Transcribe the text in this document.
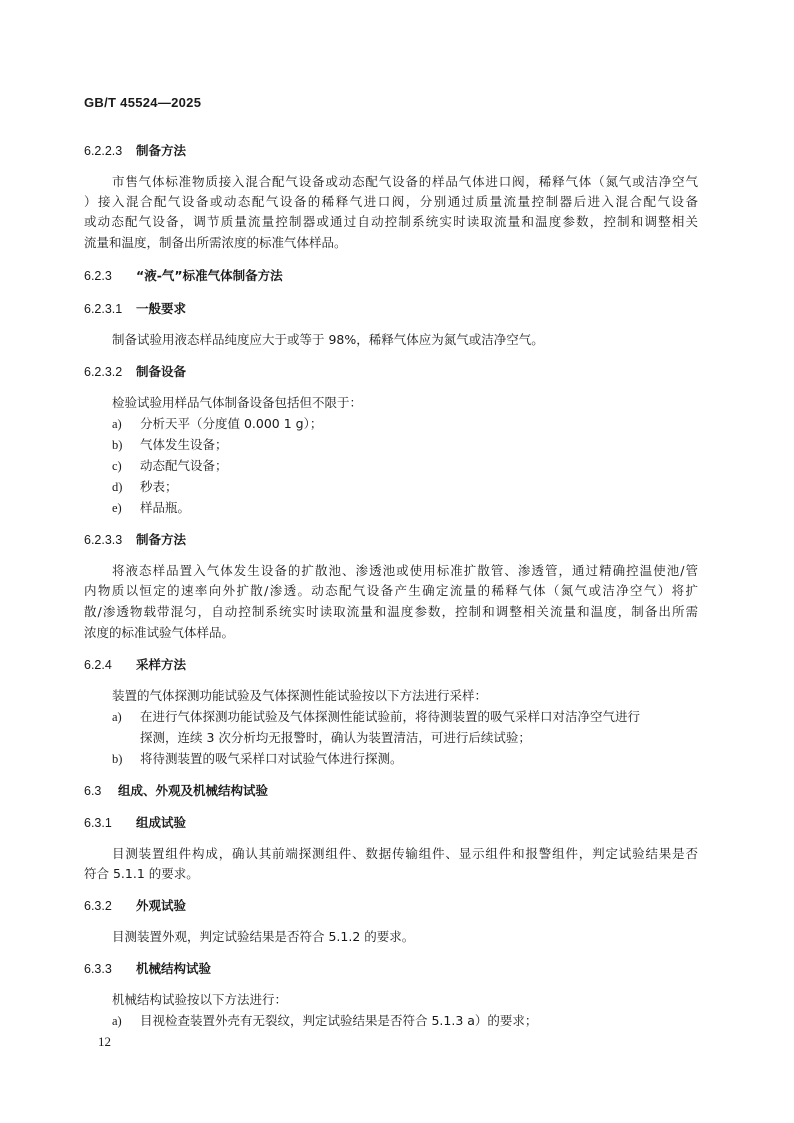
GB/T 45524—2025
6.2.2.3 制备方法
市售气体标准物质接入混合配气设备或动态配气设备的样品气体进口阀，稀释气体（氮气或洁净空气
）接入混合配气设备或动态配气设备的稀释气进口阀，分别通过质量流量控制器后进入混合配气设备
或动态配气设备，调节质量流量控制器或通过自动控制系统实时读取流量和温度参数，控制和调整相关
流量和温度，制备出所需浓度的标准气体样品。
6.2.3 “液-气”标准气体制备方法
6.2.3.1 一般要求
制备试验用液态样品纯度应大于或等于 98%，稀释气体应为氮气或洁净空气。
6.2.3.2 制备设备
检验试验用样品气体制备设备包括但不限于：
a) 分析天平（分度值 0.000 1 g）；
b) 气体发生设备；
c) 动态配气设备；
d) 秒表；
e) 样品瓶。
6.2.3.3 制备方法
将液态样品置入气体发生设备的扩散池、渗透池或使用标准扩散管、渗透管，通过精确控温使池/管
内物质以恒定的速率向外扩散/渗透。动态配气设备产生确定流量的稀释气体（氮气或洁净空气）将扩
散/渗透物载带混匀，自动控制系统实时读取流量和温度参数，控制和调整相关流量和温度，制备出所需
浓度的标准试验气体样品。
6.2.4 采样方法
装置的气体探测功能试验及气体探测性能试验按以下方法进行采样：
a) 在进行气体探测功能试验及气体探测性能试验前，将待测装置的吸气采样口对洁净空气进行
探测，连续 3 次分析均无报警时，确认为装置清洁，可进行后续试验；
b) 将待测装置的吸气采样口对试验气体进行探测。
6.3 组成、外观及机械结构试验
6.3.1 组成试验
目测装置组件构成，确认其前端探测组件、数据传输组件、显示组件和报警组件，判定试验结果是否
符合 5.1.1 的要求。
6.3.2 外观试验
目测装置外观，判定试验结果是否符合 5.1.2 的要求。
6.3.3 机械结构试验
机械结构试验按以下方法进行：
a) 目视检查装置外壳有无裂纹，判定试验结果是否符合 5.1.3 a）的要求；
12
